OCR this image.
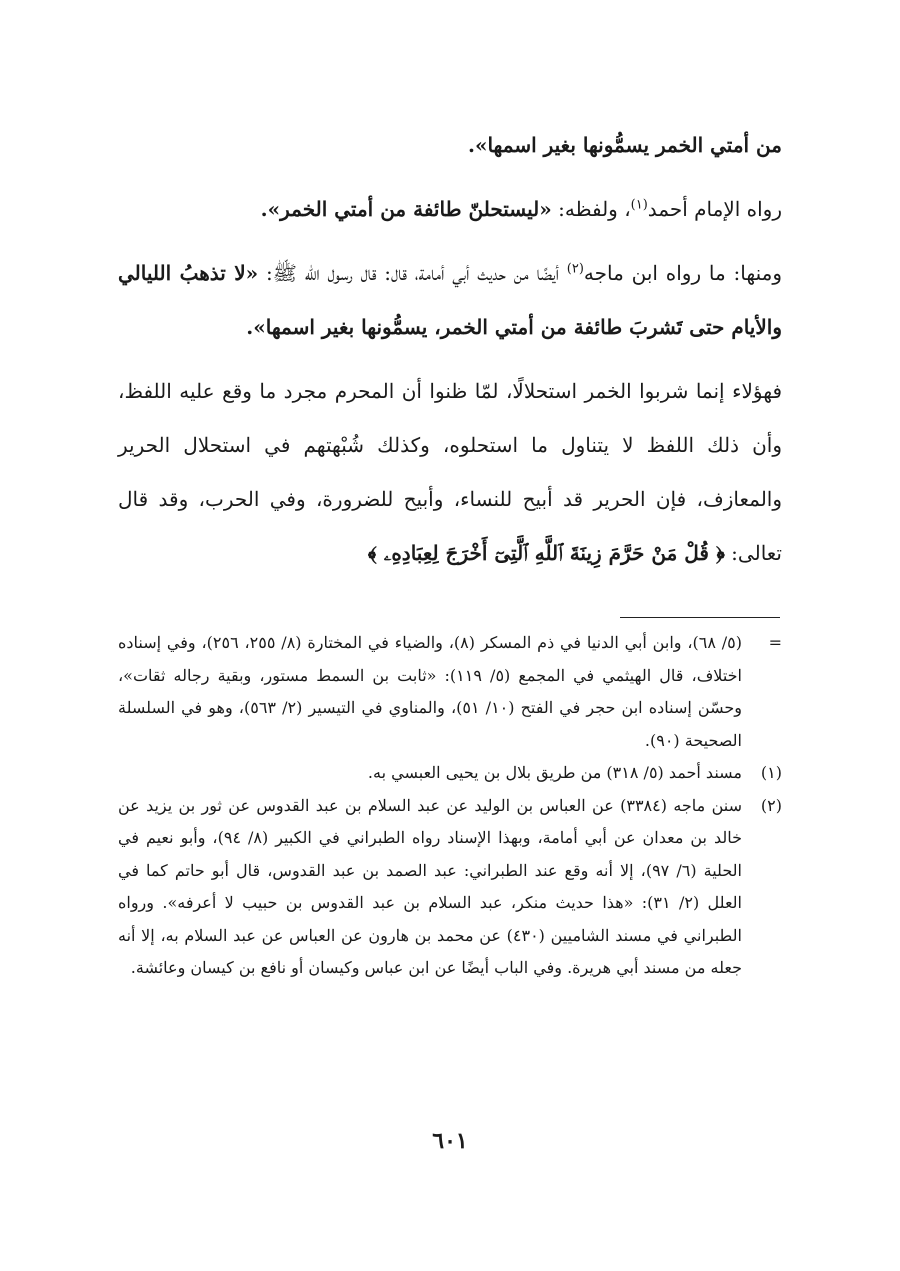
من أمتي الخمر يسمُّونها بغير اسمها».

رواه الإمام أحمد$^{(١)}$، ولفظه: «ليستحلنّ طائفة من أمتي الخمر».

ومنها: ما رواه ابن ماجه$^{(٢)}$ أيضًا من حديث أبي أمامة، قال: قال رسول الله ﷺ: «لا تذهبُ الليالي والأيام حتى تَشربَ طائفة من أمتي الخمر، يسمُّونها بغير اسمها».

فهؤلاء إنما شربوا الخمر استحلالًا، لمّا ظنوا أن المحرم مجرد ما وقع عليه اللفظ، وأن ذلك اللفظ لا يتناول ما استحلوه، وكذلك شُبْهتهم في استحلال الحرير والمعازف، فإن الحرير قد أبيح للنساء، وأبيح للضرورة، وفي الحرب، وقد قال تعالى: ﴿ قُلْ مَنْ حَرَّمَ زِينَةَ ٱللَّهِ ٱلَّتِىٓ أَخْرَجَ لِعِبَادِهِۦ ﴾

=
(٥/ ٦٨)، وابن أبي الدنيا في ذم المسكر (٨)، والضياء في المختارة (٨/ ٢٥٥، ٢٥٦)، وفي إسناده اختلاف، قال الهيثمي في المجمع (٥/ ١١٩): «ثابت بن السمط مستور، وبقية رجاله ثقات»، وحسّن إسناده ابن حجر في الفتح (١٠/ ٥١)، والمناوي في التيسير (٢/ ٥٦٣)، وهو في السلسلة الصحيحة (٩٠).
(١)
مسند أحمد (٥/ ٣١٨) من طريق بلال بن يحيى العبسي به.
(٢)
سنن ماجه (٣٣٨٤) عن العباس بن الوليد عن عبد السلام بن عبد القدوس عن ثور بن يزيد عن خالد بن معدان عن أبي أمامة، وبهذا الإسناد رواه الطبراني في الكبير (٨/ ٩٤)، وأبو نعيم في الحلية (٦/ ٩٧)، إلا أنه وقع عند الطبراني: عبد الصمد بن عبد القدوس، قال أبو حاتم كما في العلل (٢/ ٣١): «هذا حديث منكر، عبد السلام بن عبد القدوس بن حبيب لا أعرفه». ورواه الطبراني في مسند الشاميين (٤٣٠) عن محمد بن هارون عن العباس عن عبد السلام به، إلا أنه جعله من مسند أبي هريرة. وفي الباب أيضًا عن ابن عباس وكيسان أو نافع بن كيسان وعائشة.
٦٠١
